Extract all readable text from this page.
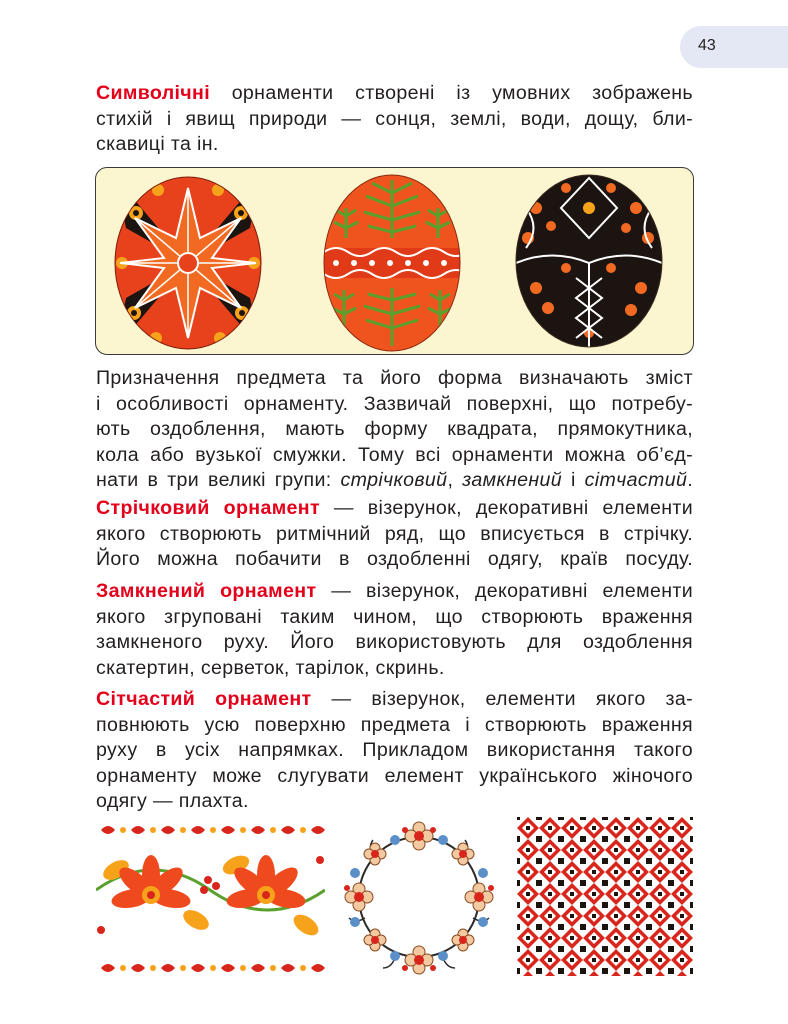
43
Символічні орнаменти створені із умовних зображень
стихій і явищ природи — сонця, землі, води, дощу, бли-
скавиці та ін.
Призначення предмета та його форма визначають зміст
і особливості орнаменту. Зазвичай поверхні, що потребу-
ють оздоблення, мають форму квадрата, прямокутника,
кола або вузької смужки. Тому всі орнаменти можна об’єд-
нати в три великі групи: стрічковий, замкнений і сітчастий.
Стрічковий орнамент — візерунок, декоративні елементи
якого створюють ритмічний ряд, що вписується в стрічку.
Його можна побачити в оздобленні одягу, країв посуду.
Замкнений орнамент — візерунок, декоративні елементи
якого згруповані таким чином, що створюють враження
замкненого руху. Його використовують для оздоблення
скатертин, серветок, тарілок, скринь.
Сітчастий орнамент — візерунок, елементи якого за-
повнюють усю поверхню предмета і створюють враження
руху в усіх напрямках. Прикладом використання такого
орнаменту може слугувати елемент українського жіночого
одягу — плахта.
